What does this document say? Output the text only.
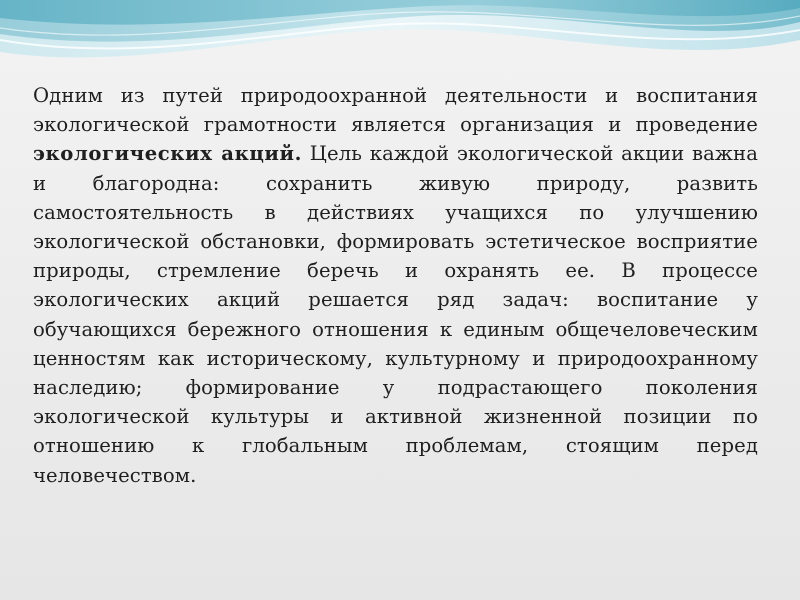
Одним из путей природоохранной деятельности и воспитания экологической грамотности является организация и проведение экологических акций. Цель каждой экологической акции важна и благородна: сохранить живую природу, развить самостоятельность в действиях учащихся по улучшению экологической обстановки, формировать эстетическое восприятие природы, стремление беречь и охранять ее. В процессе экологических акций решается ряд задач: воспитание у обучающихся бережного отношения к единым общечеловеческим ценностям как историческому, культурному и природоохранному наследию; формирование у подрастающего поколения экологической культуры и активной жизненной позиции по отношению к глобальным проблемам, стоящим перед человечеством.
